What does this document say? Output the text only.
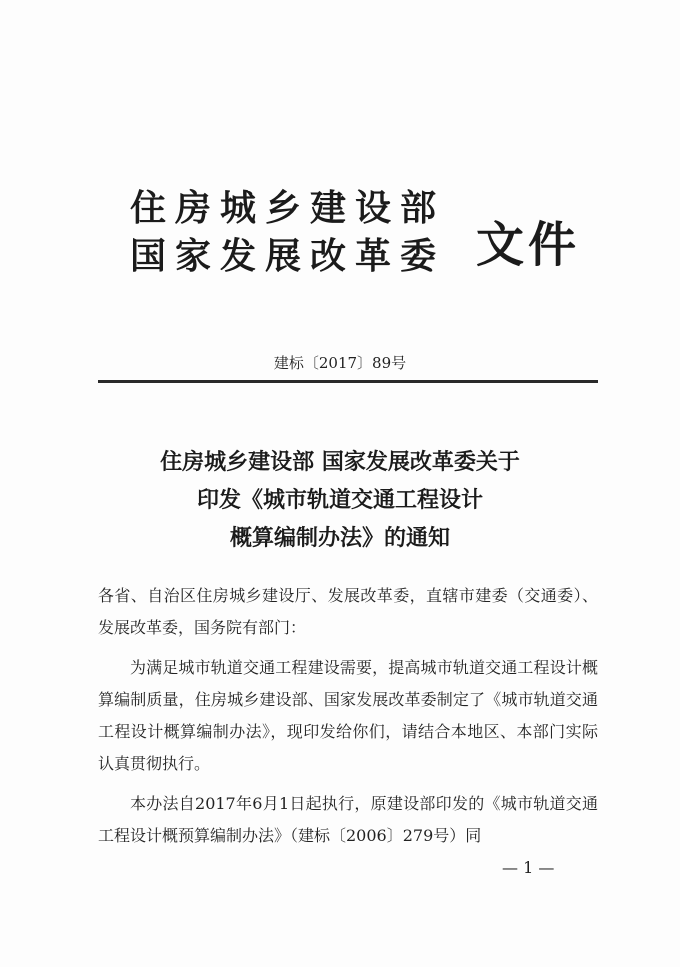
住房城乡建设部
国家发展改革委 文件
建标〔2017〕89号
住房城乡建设部 国家发展改革委关于
印发《城市轨道交通工程设计
概算编制办法》的通知

各省、自治区住房城乡建设厅、发展改革委，直辖市建委（交通委）、发展改革委，国务院有部门：

为满足城市轨道交通工程建设需要，提高城市轨道交通工程设计概算编制质量，住房城乡建设部、国家发展改革委制定了《城市轨道交通工程设计概算编制办法》，现印发给你们，请结合本地区、本部门实际认真贯彻执行。

本办法自2017年6月1日起执行，原建设部印发的《城市轨道交通工程设计概预算编制办法》（建标〔2006〕279号）同

— 1 —
